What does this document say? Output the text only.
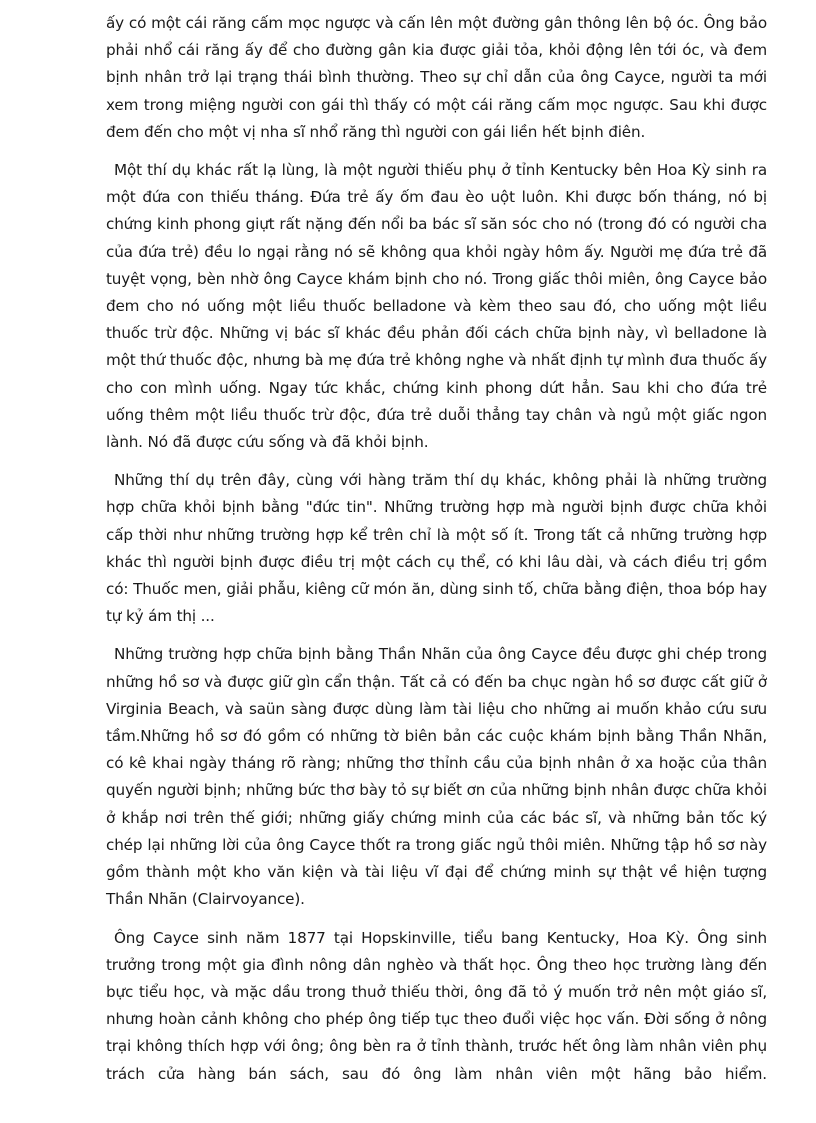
ấy có một cái răng cấm mọc ngược và cấn lên một đường gân thông lên bộ óc. Ông bảo phải nhổ cái răng ấy để cho đường gân kia được giải tỏa, khỏi động lên tới óc, và đem bịnh nhân trở lại trạng thái bình thường. Theo sự chỉ dẫn của ông Cayce, người ta mới xem trong miệng người con gái thì thấy có một cái răng cấm mọc ngược. Sau khi được đem đến cho một vị nha sĩ nhổ răng thì người con gái liền hết bịnh điên.

Một thí dụ khác rất lạ lùng, là một người thiếu phụ ở tỉnh Kentucky bên Hoa Kỳ sinh ra một đứa con thiếu tháng. Đứa trẻ ấy ốm đau èo uột luôn. Khi được bốn tháng, nó bị chứng kinh phong giựt rất nặng đến nổi ba bác sĩ săn sóc cho nó (trong đó có người cha của đứa trẻ) đều lo ngại rằng nó sẽ không qua khỏi ngày hôm ấy. Người mẹ đứa trẻ đã tuyệt vọng, bèn nhờ ông Cayce khám bịnh cho nó. Trong giấc thôi miên, ông Cayce bảo đem cho nó uống một liều thuốc belladone và kèm theo sau đó, cho uống một liều thuốc trừ độc. Những vị bác sĩ khác đều phản đối cách chữa bịnh này, vì belladone là một thứ thuốc độc, nhưng bà mẹ đứa trẻ không nghe và nhất định tự mình đưa thuốc ấy cho con mình uống. Ngay tức khắc, chứng kinh phong dứt hẳn. Sau khi cho đứa trẻ uống thêm một liều thuốc trừ độc, đứa trẻ duỗi thẳng tay chân và ngủ một giấc ngon lành. Nó đã được cứu sống và đã khỏi bịnh.

Những thí dụ trên đây, cùng với hàng trăm thí dụ khác, không phải là những trường hợp chữa khỏi bịnh bằng "đức tin". Những trường hợp mà người bịnh được chữa khỏi cấp thời như những trường hợp kể trên chỉ là một số ít. Trong tất cả những trường hợp khác thì người bịnh được điều trị một cách cụ thể, có khi lâu dài, và cách điều trị gồm có: Thuốc men, giải phẫu, kiêng cữ món ăn, dùng sinh tố, chữa bằng điện, thoa bóp hay tự kỷ ám thị ...

Những trường hợp chữa bịnh bằng Thần Nhãn của ông Cayce đều được ghi chép trong những hồ sơ và được giữ gìn cẩn thận. Tất cả có đến ba chục ngàn hồ sơ được cất giữ ở Virginia Beach, và saün sàng được dùng làm tài liệu cho những ai muốn khảo cứu sưu tầm.Những hồ sơ đó gồm có những tờ biên bản các cuộc khám bịnh bằng Thần Nhãn, có kê khai ngày tháng rõ ràng; những thơ thỉnh cầu của bịnh nhân ở xa hoặc của thân quyến người bịnh; những bức thơ bày tỏ sự biết ơn của những bịnh nhân được chữa khỏi ở khắp nơi trên thế giới; những giấy chứng minh của các bác sĩ, và những bản tốc ký chép lại những lời của ông Cayce thốt ra trong giấc ngủ thôi miên. Những tập hồ sơ này gồm thành một kho văn kiện và tài liệu vĩ đại để chứng minh sự thật về hiện tượng Thần Nhãn (Clairvoyance).

Ông Cayce sinh năm 1877 tại Hopskinville, tiểu bang Kentucky, Hoa Kỳ. Ông sinh trưởng trong một gia đình nông dân nghèo và thất học. Ông theo học trường làng đến bực tiểu học, và mặc dầu trong thuở thiếu thời, ông đã tỏ ý muốn trở nên một giáo sĩ, nhưng hoàn cảnh không cho phép ông tiếp tục theo đuổi việc học vấn. Đời sống ở nông trại không thích hợp với ông; ông bèn ra ở tỉnh thành, trước hết ông làm nhân viên phụ trách cửa hàng bán sách, sau đó ông làm nhân viên một hãng bảo hiểm.
